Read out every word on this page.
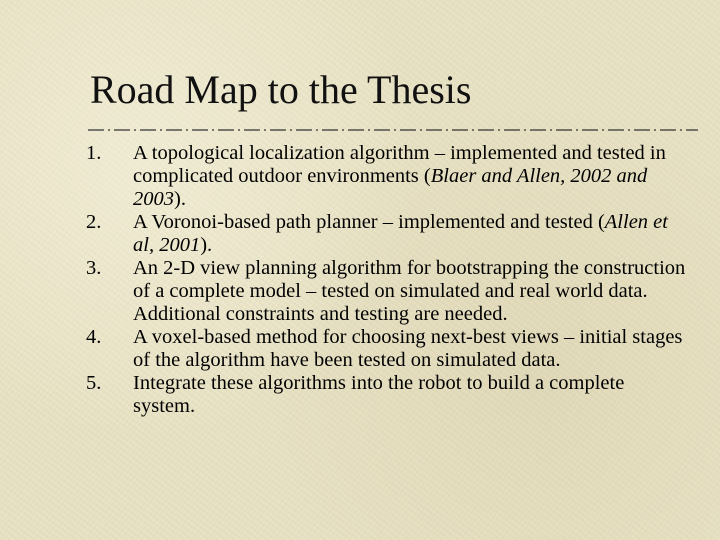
Road Map to the Thesis
1.	A topological localization algorithm – implemented and tested in complicated outdoor environments (Blaer and Allen, 2002 and 2003).
2.	A Voronoi-based path planner – implemented and tested (Allen et al, 2001).
3.	An 2-D view planning algorithm for bootstrapping the construction of a complete model – tested on simulated and real world data. Additional constraints and testing are needed.
4.	A voxel-based method for choosing next-best views – initial stages of the algorithm have been tested on simulated data.
5.	Integrate these algorithms into the robot to build a complete system.
